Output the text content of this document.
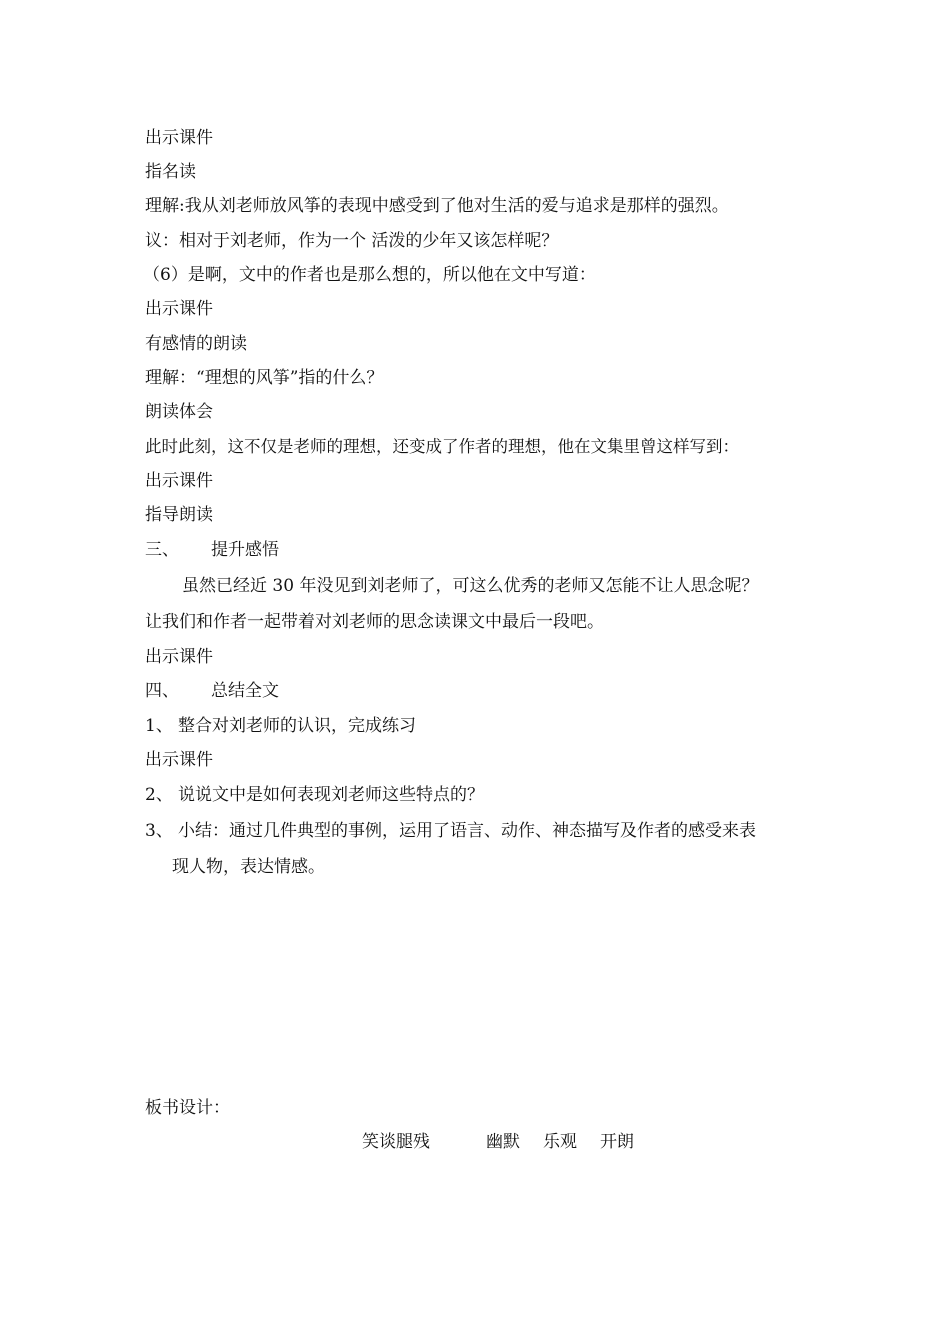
出示课件
指名读
理解:我从刘老师放风筝的表现中感受到了他对生活的爱与追求是那样的强烈。
议：相对于刘老师，作为一个 活泼的少年又该怎样呢？
（6）是啊，文中的作者也是那么想的，所以他在文中写道：
出示课件
有感情的朗读
理解：“理想的风筝”指的什么？
朗读体会
此时此刻，这不仅是老师的理想，还变成了作者的理想，他在文集里曾这样写到：
出示课件
指导朗读
三、 提升感悟
虽然已经近 30 年没见到刘老师了，可这么优秀的老师又怎能不让人思念呢？
让我们和作者一起带着对刘老师的思念读课文中最后一段吧。
出示课件
四、 总结全文
1、 整合对刘老师的认识，完成练习
出示课件
2、 说说文中是如何表现刘老师这些特点的？
3、 小结：通过几件典型的事例，运用了语言、动作、神态描写及作者的感受来表
现人物，表达情感。
板书设计：
笑谈腿残	幽默 乐观 开朗
